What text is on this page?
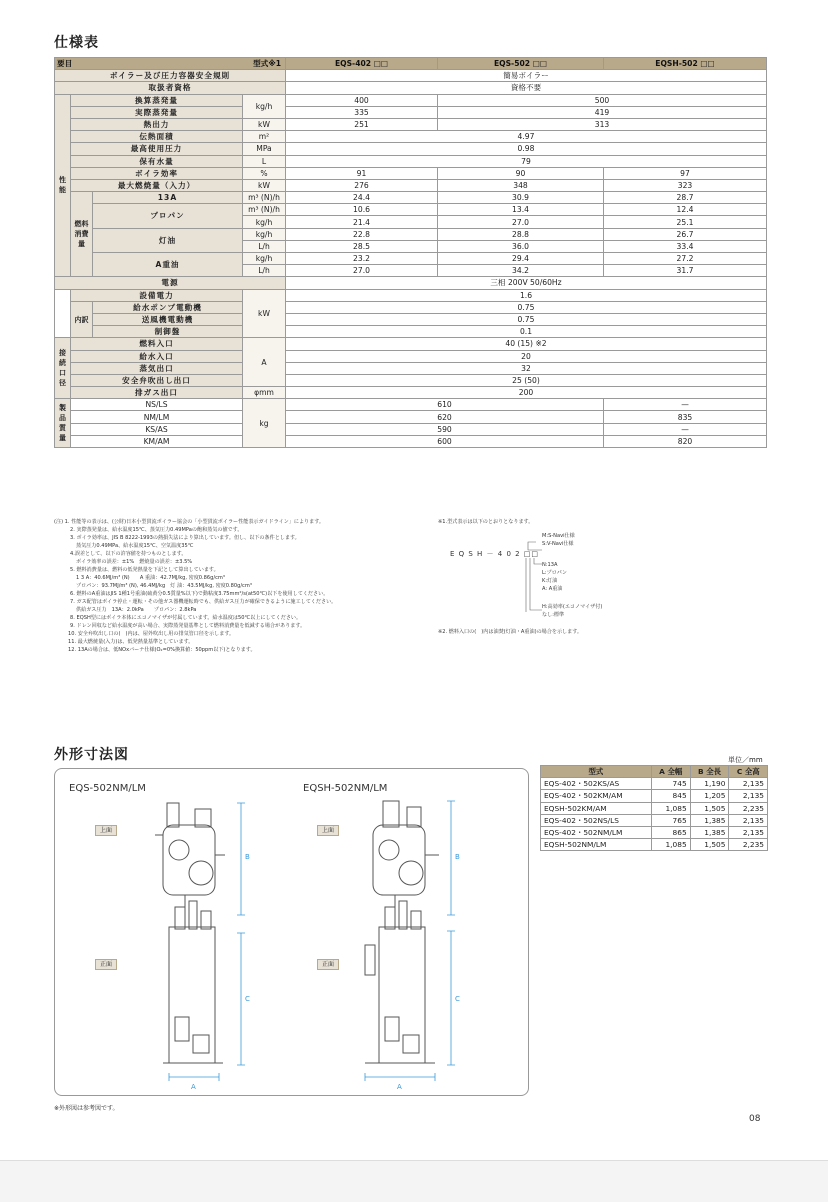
仕様表
要目 型式※1				EQS-402 □□	EQS-502 □□	EQSH-502 □□
ボイラー及び圧力容器安全規則				簡易ボイラー		
取扱者資格				資格不要		
性能	換算蒸発量		kg/h	400	500	
	実際蒸発量			335	419	
	熱出力		kW	251	313	
	伝熱面積		m²	4.97		
	最高使用圧力		MPa	0.98		
	保有水量		L	79		
	ボイラ効率		%	91	90	97
	最大燃焼量（入力）		kW	276	348	323
	燃料消費量	13A	m³ (N)/h	24.4	30.9	28.7
		プロパン	m³ (N)/h	10.6	13.4	12.4
			kg/h	21.4	27.0	25.1
		灯油	kg/h	22.8	28.8	26.7
			L/h	28.5	36.0	33.4
		A重油	kg/h	23.2	29.4	27.2
			L/h	27.0	34.2	31.7
電源				三相 200V 50/60Hz		
	設備電力		kW	1.6		
	内訳	給水ポンプ電動機		0.75		
		送風機電動機		0.75		
		制御盤		0.1		
接続口径	燃料入口		A	40 (15) ※2		
	給水入口			20		
	蒸気出口			32		
	安全弁吹出し出口			25 (50)		
	排ガス出口		φmm	200		
製品質量	NS/LS		kg	610		—
	NM/LM			620		835
	KS/AS			590		—
	KM/AM			600		820
(注) 1. 性能等の表示は、(公財)日本小型貫流ボイラー協会の「小型貫流ボイラー性能表示ガイドライン」によります。
2. 実際蒸発量は、給水温度15℃、蒸気圧力0.49MPaの飽和蒸気の値です。
3. ボイラ効率は、JIS B 8222-1993の熱損失法により算出しています。但し、以下の条件とします。
蒸気圧力0.49MPa、給水温度15℃、空気温度35℃
4.誤差として、以下の許容値を持つものとします。
ボイラ効率の誤差：±1%　燃焼量の誤差：±3.5%
5. 燃料消費量は、燃料の低発熱量を下記として算出しています。
1 3 A：40.6MJ/m³ (N)　　A 重油：42.7MJ/kg, 密度0.86g/cm³
プロパン：93.7MJ/m³ (N), 46.4MJ/kg　灯 油：43.5MJ/kg, 密度0.80g/cm³
6. 燃料のA重油はJIS 1種1号重油(硫黄分0.5質量%以下)で動粘度3.75mm²/s(at50℃)以下を使用してください。
7. ガス配管はボイラ停止・運転・その他ガス器機運転時でも、供給ガス圧力が確保できるように施工してください。
供給ガス圧力　13A：2.0kPa　　プロパン：2.8kPa
8. EQSH型にはボイラ本体にエコノマイザが付属しています。給水温度は50℃以上にしてください。
9. ドレン回収など給水温度が高い場合、実際蒸発量基準として燃料消費量を低減する場合があります。
10. 安全弁吹出し口の(　)内は、屋外吹出し用の排気管口径を示します。
11. 最大燃焼量(入力)は、低発熱量基準としています。
12. 13Aの場合は、低NOxバーナ仕様(O₂=0%換算値：50ppm以下)となります。
※1.型式表示は以下のとおりとなります。
M:S-Navi仕様
S:V-Navi仕様
E Q S H － 4 0 2 □□
N:13A
L:プロパン
K:灯油
A: A重油
H:高効率(エコノマイザ付)
なし:標準
※2. 燃料入口の(　)内は油焚(灯油・A重油)の場合を示します。
外形寸法図
EQS-502NM/LM	EQSH-502NM/LM
上面
正面
上面
正面
B
C
A
B
C
A
単位／mm
型式	A 全幅	B 全長	C 全高
EQS-402・502KS/AS	745	1,190	2,135
EQS-402・502KM/AM	845	1,205	2,135
EQSH-502KM/AM	1,085	1,505	2,235
EQS-402・502NS/LS	765	1,385	2,135
EQS-402・502NM/LM	865	1,385	2,135
EQSH-502NM/LM	1,085	1,505	2,235
※外形図は参考図です。
08
